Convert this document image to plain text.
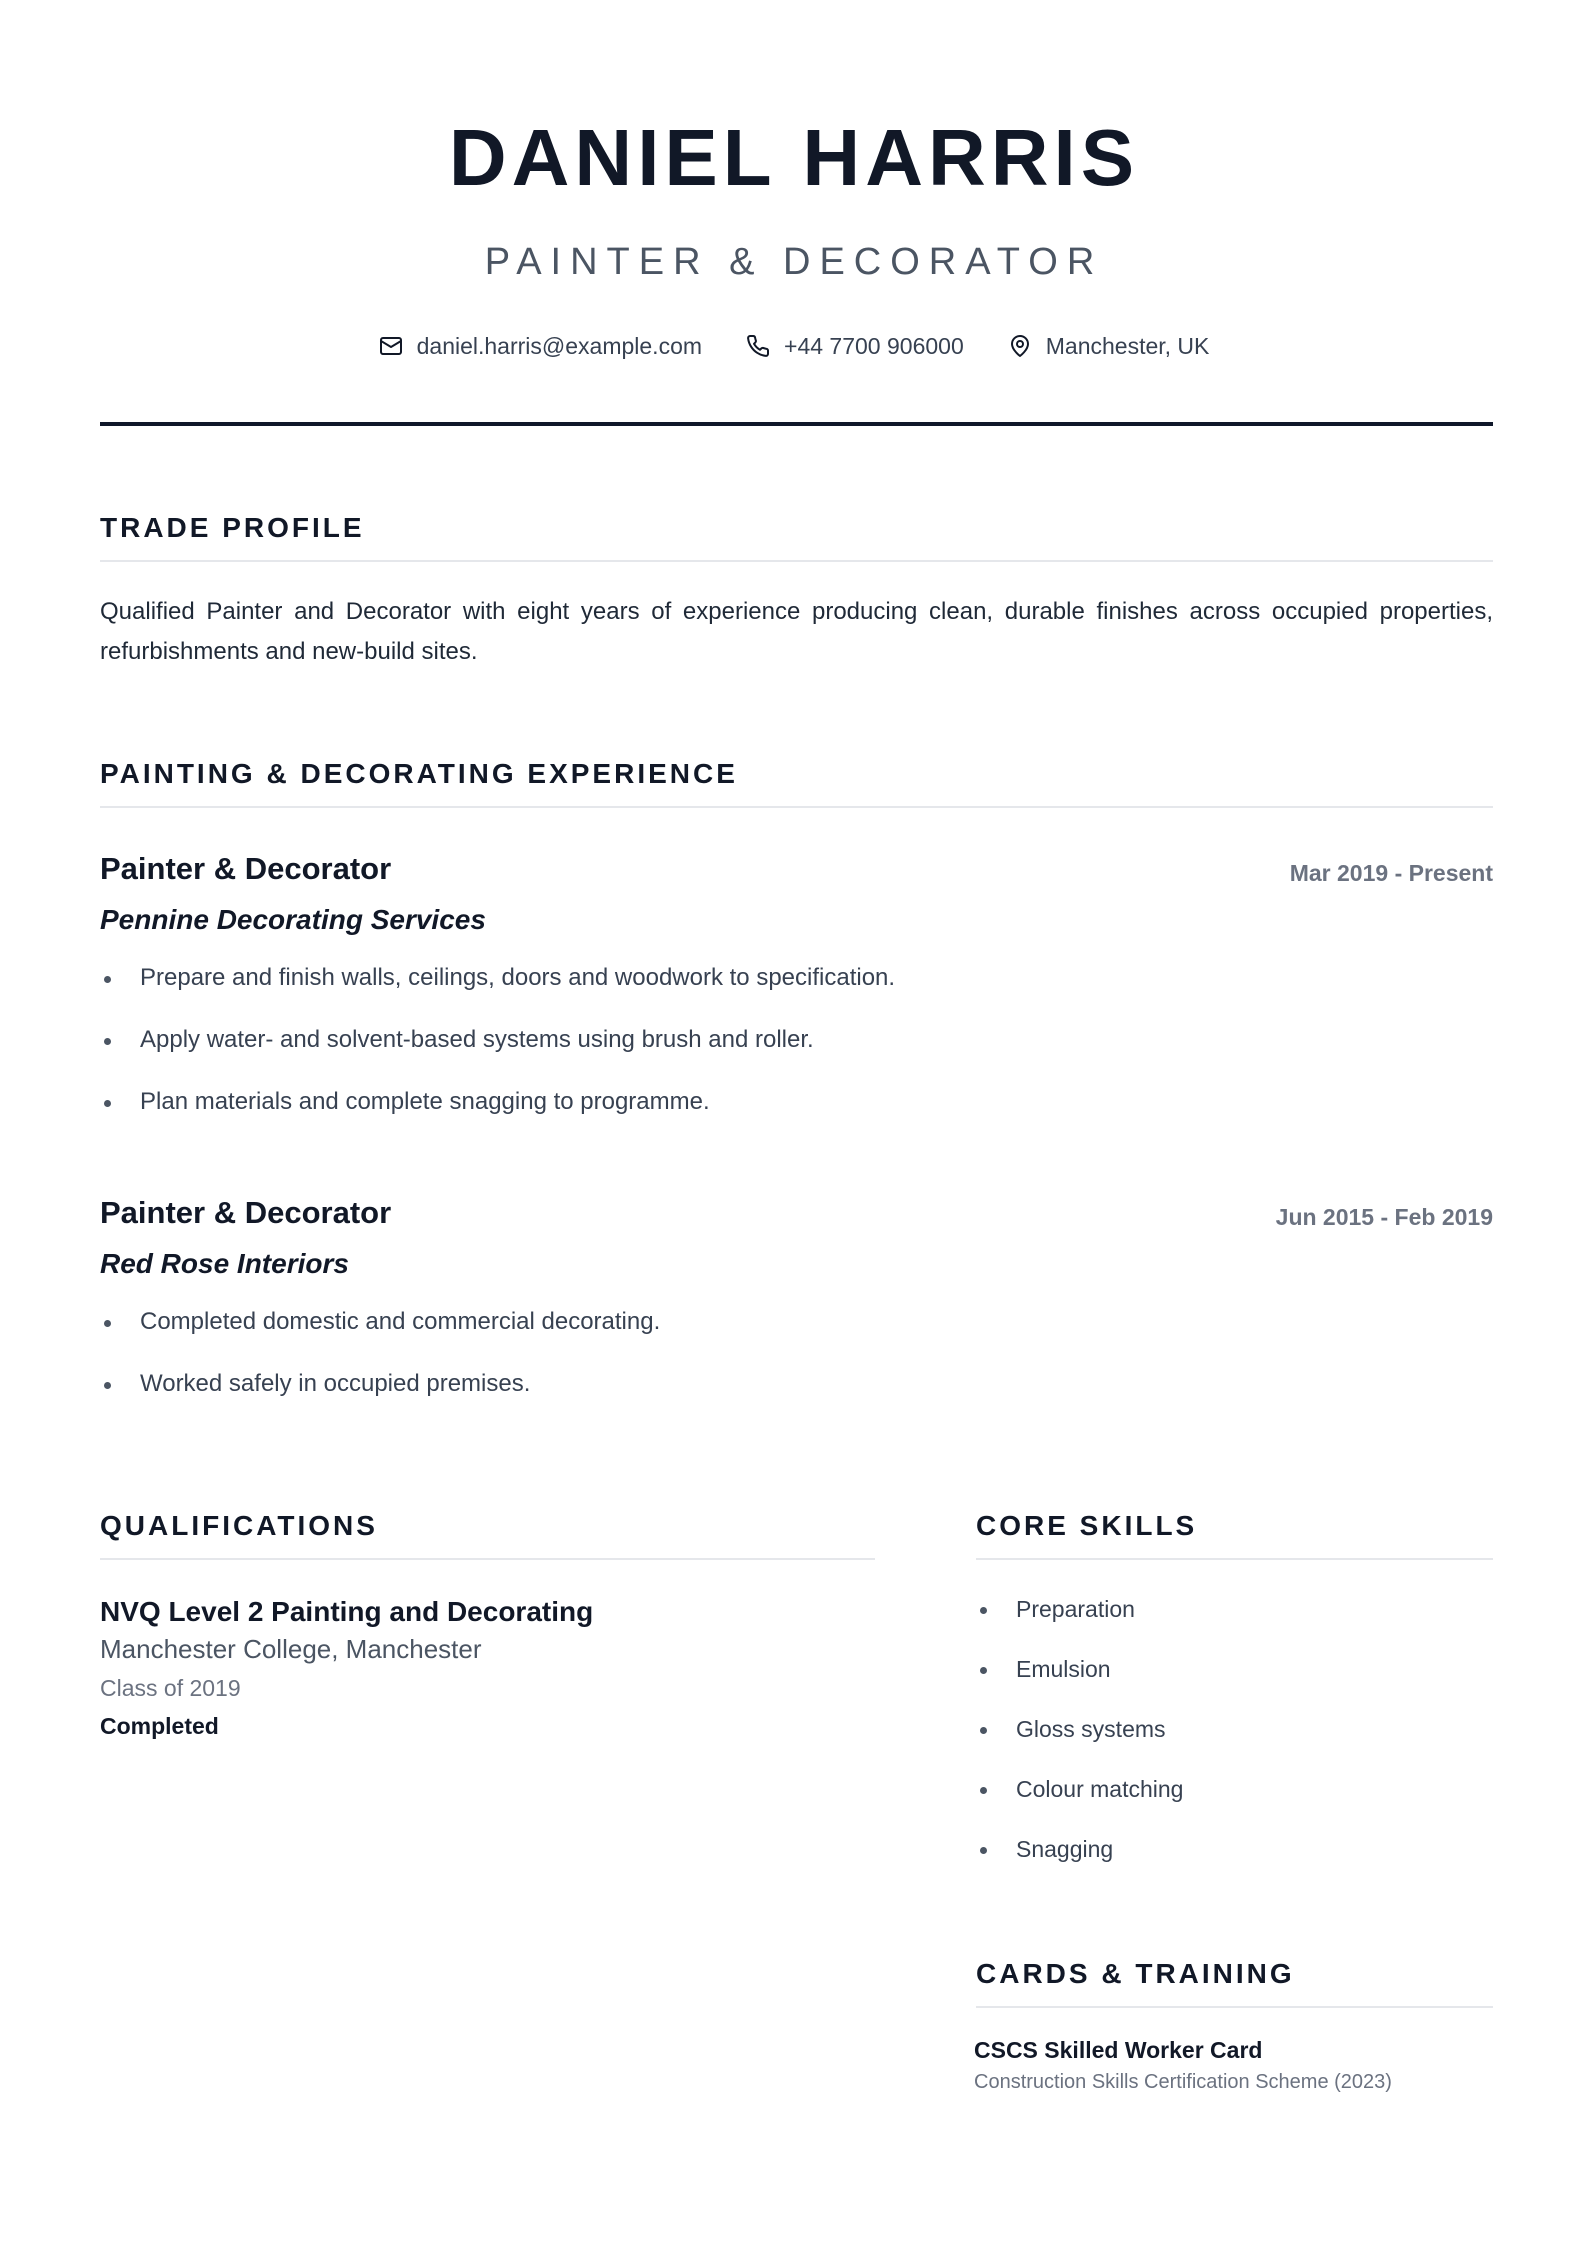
DANIEL HARRIS
PAINTER & DECORATOR
daniel.harris@example.com	+44 7700 906000	Manchester, UK
TRADE PROFILE
Qualified Painter and Decorator with eight years of experience producing clean, durable finishes across occupied properties, refurbishments and new-build sites.
PAINTING & DECORATING EXPERIENCE
Painter & Decorator	Mar 2019 - Present
Pennine Decorating Services
Prepare and finish walls, ceilings, doors and woodwork to specification.
Apply water- and solvent-based systems using brush and roller.
Plan materials and complete snagging to programme.
Painter & Decorator	Jun 2015 - Feb 2019
Red Rose Interiors
Completed domestic and commercial decorating.
Worked safely in occupied premises.
QUALIFICATIONS
NVQ Level 2 Painting and Decorating
Manchester College, Manchester
Class of 2019
Completed
CORE SKILLS
Preparation
Emulsion
Gloss systems
Colour matching
Snagging
CARDS & TRAINING
CSCS Skilled Worker Card
Construction Skills Certification Scheme (2023)
